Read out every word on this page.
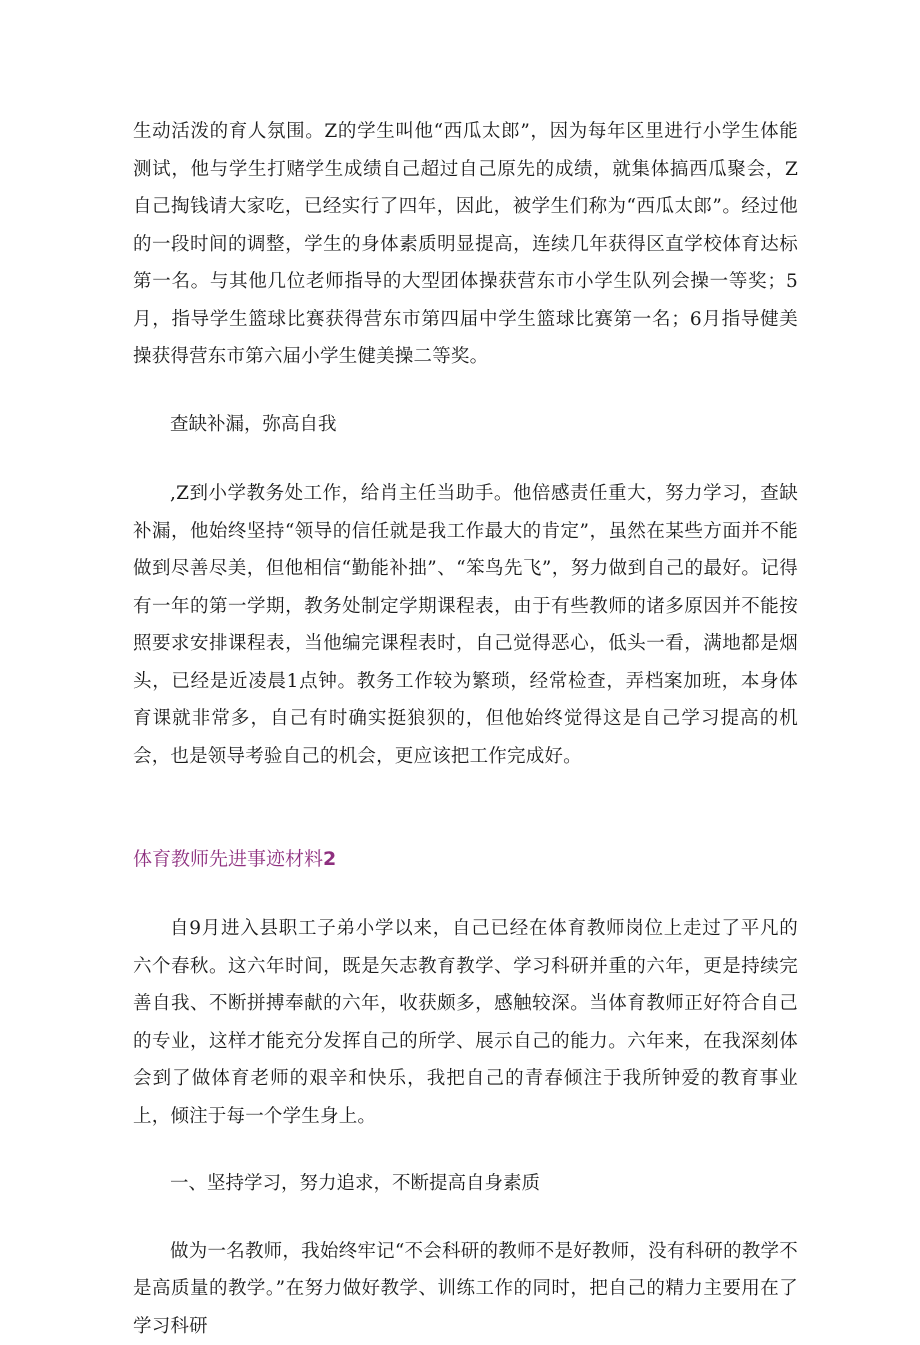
生动活泼的育人氛围。Z的学生叫他“西瓜太郎”，因为每年区里进行小学生体能测试，他与学生打赌学生成绩自己超过自己原先的成绩，就集体搞西瓜聚会，Z自己掏钱请大家吃，已经实行了四年，因此，被学生们称为“西瓜太郎”。经过他的一段时间的调整，学生的身体素质明显提高，连续几年获得区直学校体育达标第一名。与其他几位老师指导的大型团体操获营东市小学生队列会操一等奖；5月，指导学生篮球比赛获得营东市第四届中学生篮球比赛第一名；6月指导健美操获得营东市第六届小学生健美操二等奖。

查缺补漏，弥高自我

,Z到小学教务处工作，给肖主任当助手。他倍感责任重大，努力学习，查缺补漏，他始终坚持“领导的信任就是我工作最大的肯定”，虽然在某些方面并不能做到尽善尽美，但他相信“勤能补拙”、“笨鸟先飞”，努力做到自己的最好。记得有一年的第一学期，教务处制定学期课程表，由于有些教师的诸多原因并不能按照要求安排课程表，当他编完课程表时，自己觉得恶心，低头一看，满地都是烟头，已经是近凌晨1点钟。教务工作较为繁琐，经常检查，弄档案加班，本身体育课就非常多，自己有时确实挺狼狈的，但他始终觉得这是自己学习提高的机会，也是领导考验自己的机会，更应该把工作完成好。

体育教师先进事迹材料2

自9月进入县职工子弟小学以来，自己已经在体育教师岗位上走过了平凡的六个春秋。这六年时间，既是矢志教育教学、学习科研并重的六年，更是持续完善自我、不断拼搏奉献的六年，收获颇多，感触较深。当体育教师正好符合自己的专业，这样才能充分发挥自己的所学、展示自己的能力。六年来，在我深刻体会到了做体育老师的艰辛和快乐，我把自己的青春倾注于我所钟爱的教育事业上，倾注于每一个学生身上。

一、坚持学习，努力追求，不断提高自身素质

做为一名教师，我始终牢记“不会科研的教师不是好教师，没有科研的教学不是高质量的教学。”在努力做好教学、训练工作的同时，把自己的精力主要用在了学习科研
